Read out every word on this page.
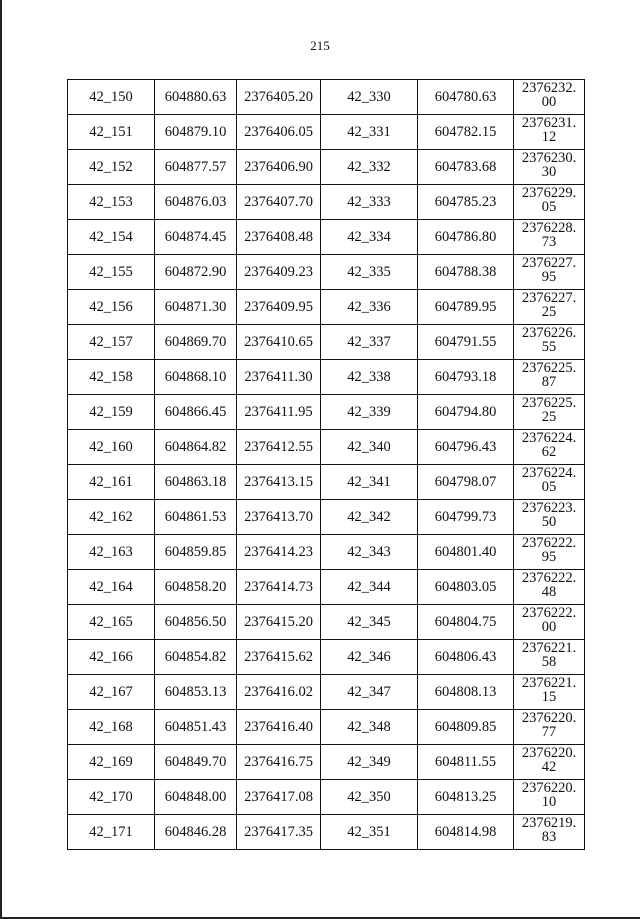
215
42_150	604880.63	2376405.20	42_330	604780.63	2376232.00
42_151	604879.10	2376406.05	42_331	604782.15	2376231.12
42_152	604877.57	2376406.90	42_332	604783.68	2376230.30
42_153	604876.03	2376407.70	42_333	604785.23	2376229.05
42_154	604874.45	2376408.48	42_334	604786.80	2376228.73
42_155	604872.90	2376409.23	42_335	604788.38	2376227.95
42_156	604871.30	2376409.95	42_336	604789.95	2376227.25
42_157	604869.70	2376410.65	42_337	604791.55	2376226.55
42_158	604868.10	2376411.30	42_338	604793.18	2376225.87
42_159	604866.45	2376411.95	42_339	604794.80	2376225.25
42_160	604864.82	2376412.55	42_340	604796.43	2376224.62
42_161	604863.18	2376413.15	42_341	604798.07	2376224.05
42_162	604861.53	2376413.70	42_342	604799.73	2376223.50
42_163	604859.85	2376414.23	42_343	604801.40	2376222.95
42_164	604858.20	2376414.73	42_344	604803.05	2376222.48
42_165	604856.50	2376415.20	42_345	604804.75	2376222.00
42_166	604854.82	2376415.62	42_346	604806.43	2376221.58
42_167	604853.13	2376416.02	42_347	604808.13	2376221.15
42_168	604851.43	2376416.40	42_348	604809.85	2376220.77
42_169	604849.70	2376416.75	42_349	604811.55	2376220.42
42_170	604848.00	2376417.08	42_350	604813.25	2376220.10
42_171	604846.28	2376417.35	42_351	604814.98	2376219.83
